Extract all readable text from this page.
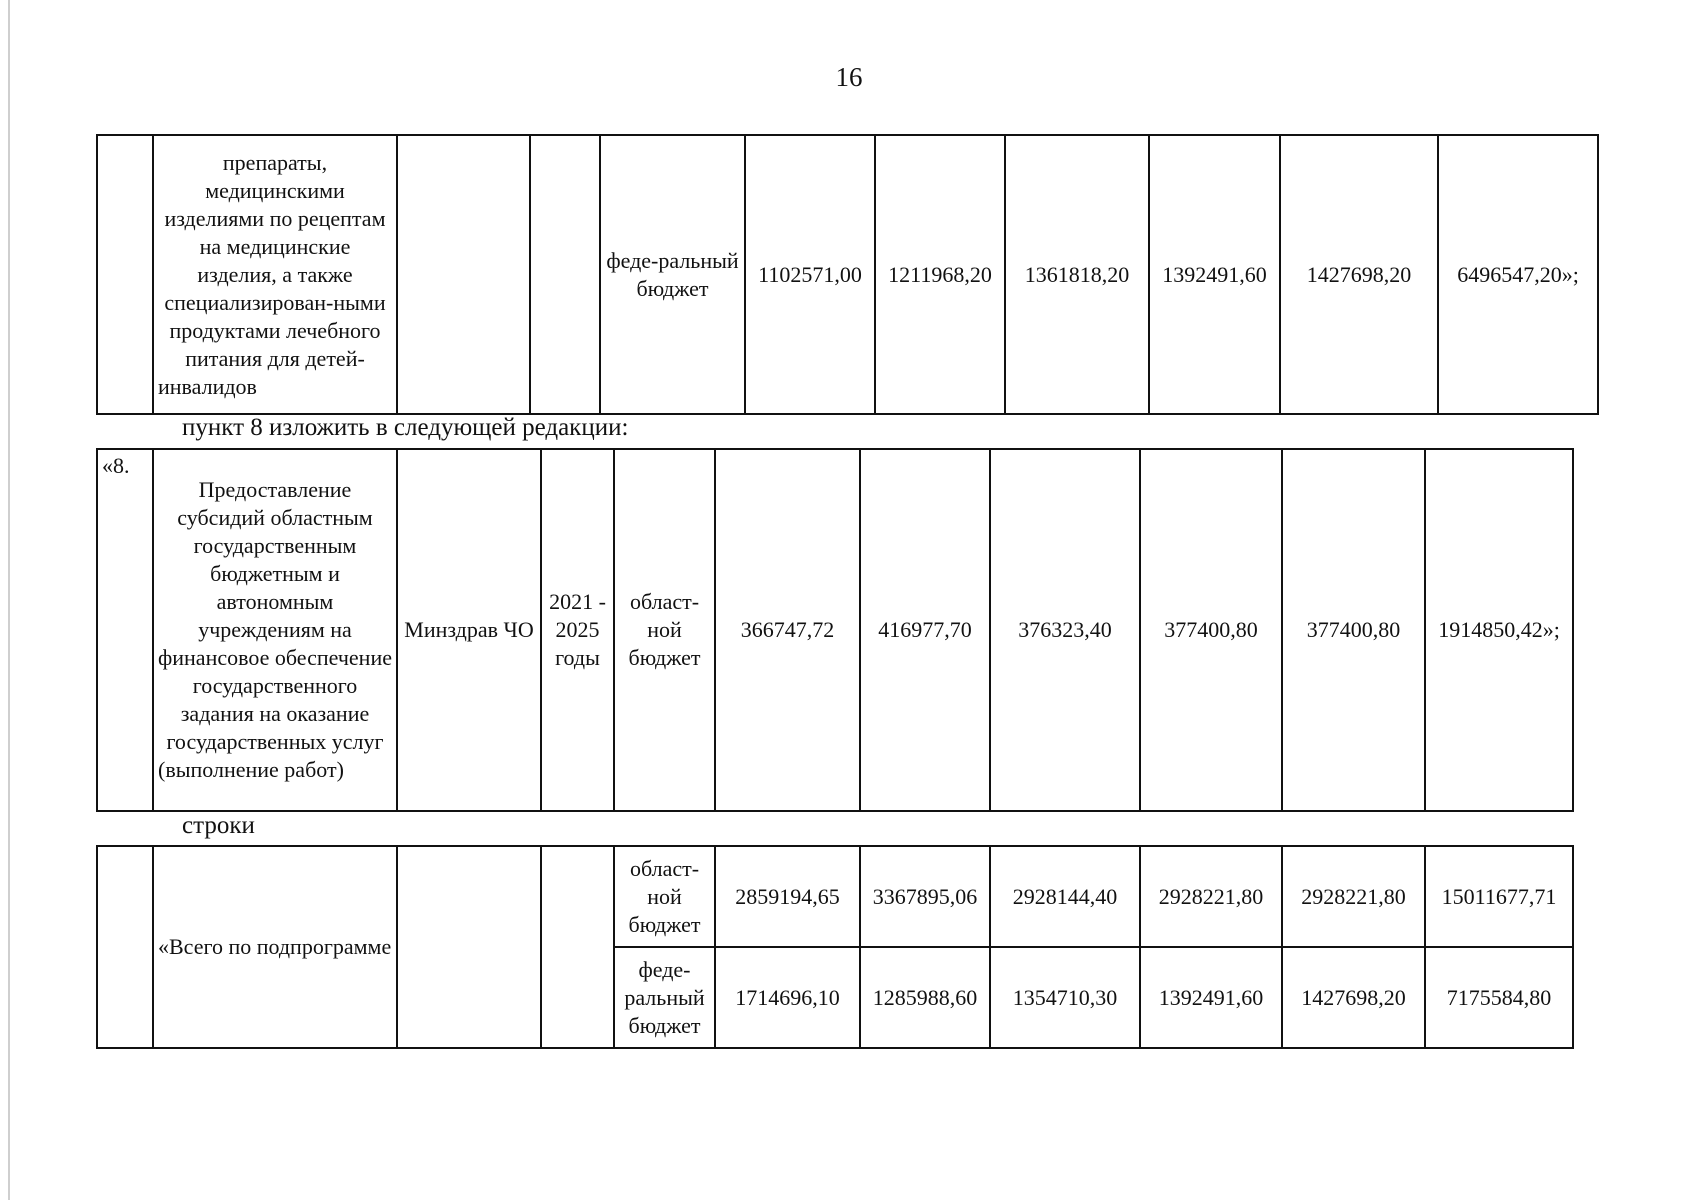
16
	препараты, медицинскими изделиями по рецептам на медицинские изделия, а также специализирован-ными продуктами лечебного питания для детей-инвалидов			феде-ральный бюджет	1102571,00	1211968,20	1361818,20	1392491,60	1427698,20	6496547,20»;
пункт 8 изложить в следующей редакции:
«8.	Предоставление субсидий областным государственным бюджетным и автономным учреждениям на финансовое обеспечение государственного задания на оказание государственных услуг (выполнение работ)	Минздрав ЧО	2021 - 2025 годы	област-ной бюджет	366747,72	416977,70	376323,40	377400,80	377400,80	1914850,42»;
строки
	«Всего по подпрограмме			област-ной бюджет	2859194,65	3367895,06	2928144,40	2928221,80	2928221,80	15011677,71
				феде-ральный бюджет	1714696,10	1285988,60	1354710,30	1392491,60	1427698,20	7175584,80
